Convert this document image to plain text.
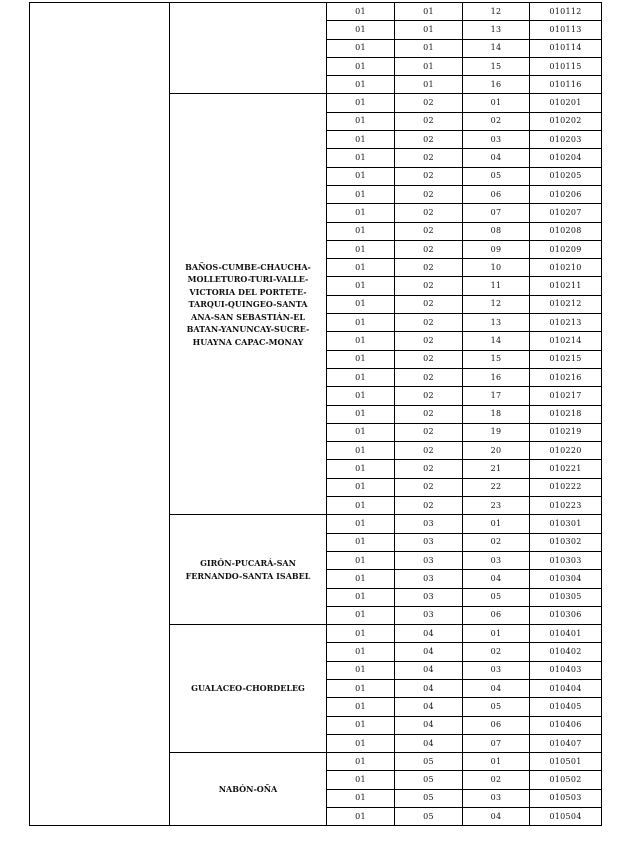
		01	01	12	010112
		01	01	13	010113
		01	01	14	010114
		01	01	15	010115
		01	01	16	010116
	BAÑOS-CUMBE-CHAUCHA-MOLLETURO-TURI-VALLE-VICTORIA DEL PORTETE-TARQUI-QUINGEO-SANTA ANA-SAN SEBASTIÁN-EL BATAN-YANUNCAY-SUCRE-HUAYNA CAPAC-MONAY	01	02	01	010201
		01	02	02	010202
		01	02	03	010203
		01	02	04	010204
		01	02	05	010205
		01	02	06	010206
		01	02	07	010207
		01	02	08	010208
		01	02	09	010209
		01	02	10	010210
		01	02	11	010211
		01	02	12	010212
		01	02	13	010213
		01	02	14	010214
		01	02	15	010215
		01	02	16	010216
		01	02	17	010217
		01	02	18	010218
		01	02	19	010219
		01	02	20	010220
		01	02	21	010221
		01	02	22	010222
		01	02	23	010223
	GIRÓN-PUCARÁ-SAN FERNANDO-SANTA ISABEL	01	03	01	010301
		01	03	02	010302
		01	03	03	010303
		01	03	04	010304
		01	03	05	010305
		01	03	06	010306
	GUALACEO-CHORDELEG	01	04	01	010401
		01	04	02	010402
		01	04	03	010403
		01	04	04	010404
		01	04	05	010405
		01	04	06	010406
		01	04	07	010407
	NABÓN-OÑA	01	05	01	010501
		01	05	02	010502
		01	05	03	010503
		01	05	04	010504
